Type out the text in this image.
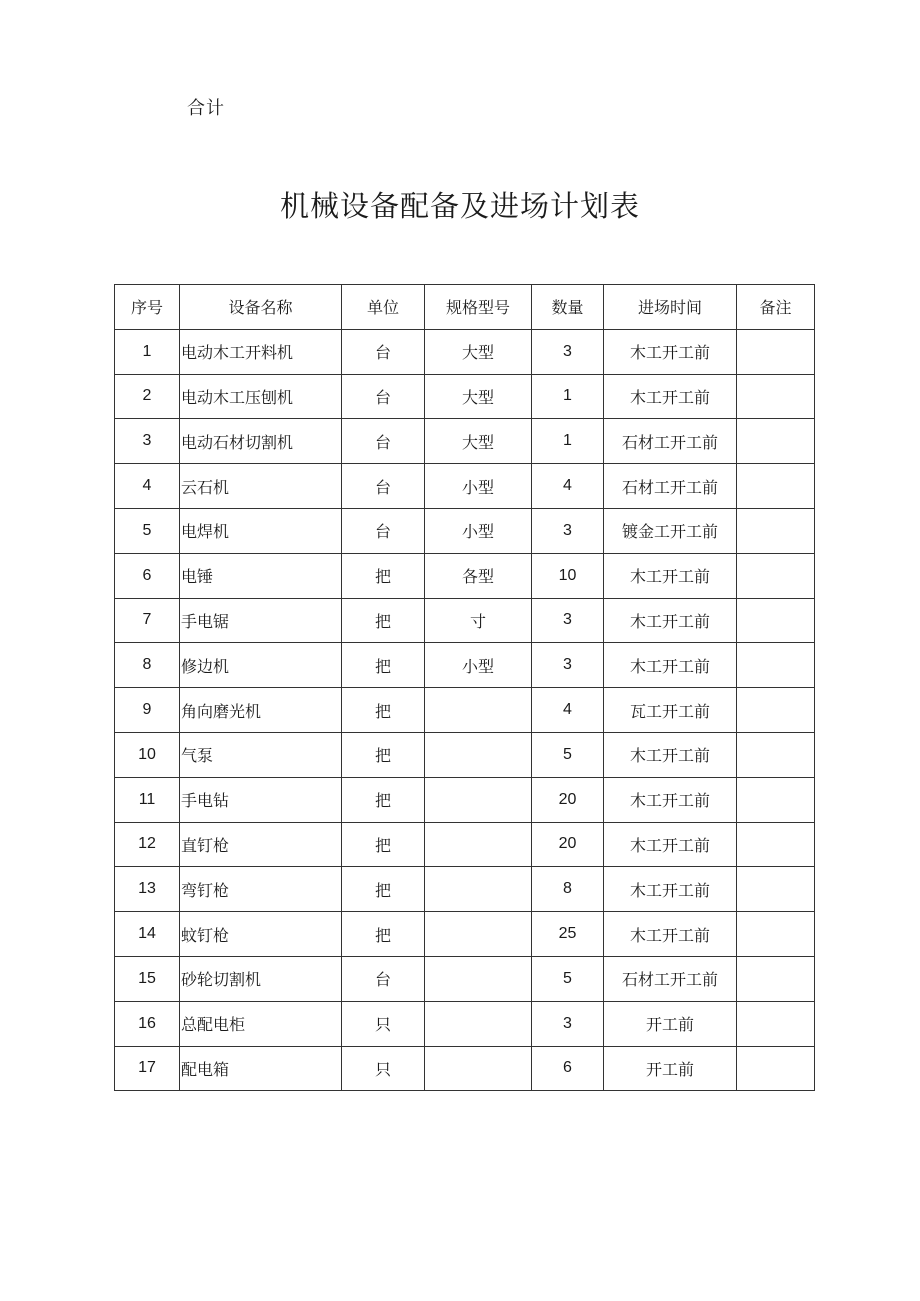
合计
机械设备配备及进场计划表
序号	设备名称	单位	规格型号	数量	进场时间	备注
1	电动木工开料机	台	大型	3	木工开工前	
2	电动木工压刨机	台	大型	1	木工开工前	
3	电动石材切割机	台	大型	1	石材工开工前	
4	云石机	台	小型	4	石材工开工前	
5	电焊机	台	小型	3	镀金工开工前	
6	电锤	把	各型	10	木工开工前	
7	手电锯	把	寸	3	木工开工前	
8	修边机	把	小型	3	木工开工前	
9	角向磨光机	把		4	瓦工开工前	
10	气泵	把		5	木工开工前	
11	手电钻	把		20	木工开工前	
12	直钉枪	把		20	木工开工前	
13	弯钉枪	把		8	木工开工前	
14	蚊钉枪	把		25	木工开工前	
15	砂轮切割机	台		5	石材工开工前	
16	总配电柜	只		3	开工前	
17	配电箱	只		6	开工前	
